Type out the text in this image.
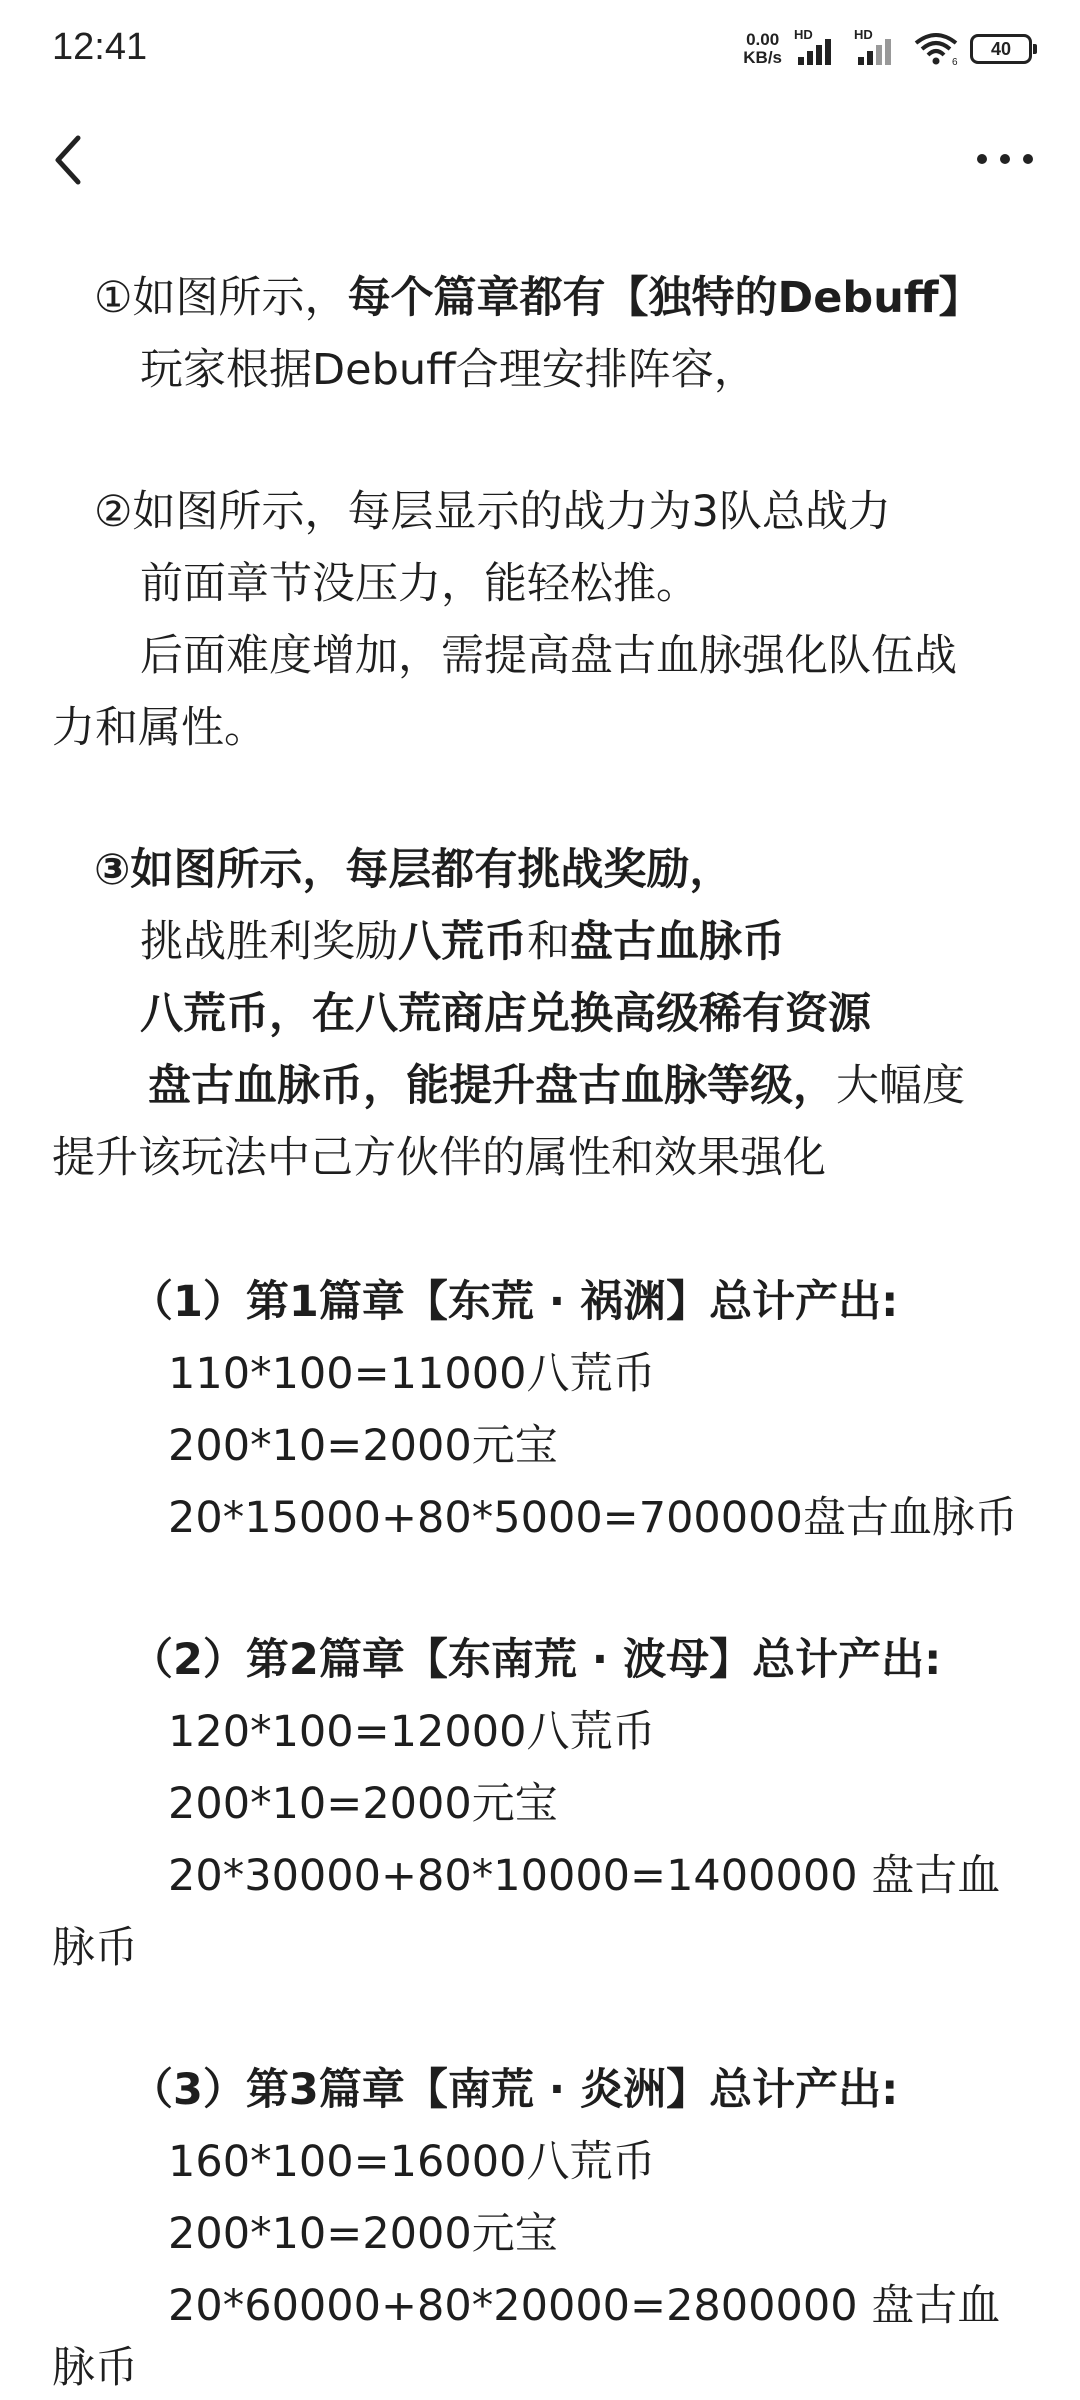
12:41	0.00
KB/s
HD	HD
6
40
①如图所示，每个篇章都有【独特的Debuff】
玩家根据Debuff合理安排阵容，
②如图所示，每层显示的战力为3队总战力
前面章节没压力，能轻松推。
后面难度增加，需提高盘古血脉强化队伍战
力和属性。
③如图所示，每层都有挑战奖励，
挑战胜利奖励八荒币和盘古血脉币
八荒币，在八荒商店兑换高级稀有资源
盘古血脉币，能提升盘古血脉等级，大幅度
提升该玩法中己方伙伴的属性和效果强化
（1）第1篇章【东荒 · 祸渊】总计产出:
110*100=11000八荒币
200*10=2000元宝
20*15000+80*5000=700000盘古血脉币
（2）第2篇章【东南荒 · 波母】总计产出:
120*100=12000八荒币
200*10=2000元宝
20*30000+80*10000=1400000 盘古血
脉币
（3）第3篇章【南荒 · 炎洲】总计产出:
160*100=16000八荒币
200*10=2000元宝
20*60000+80*20000=2800000 盘古血
脉币
